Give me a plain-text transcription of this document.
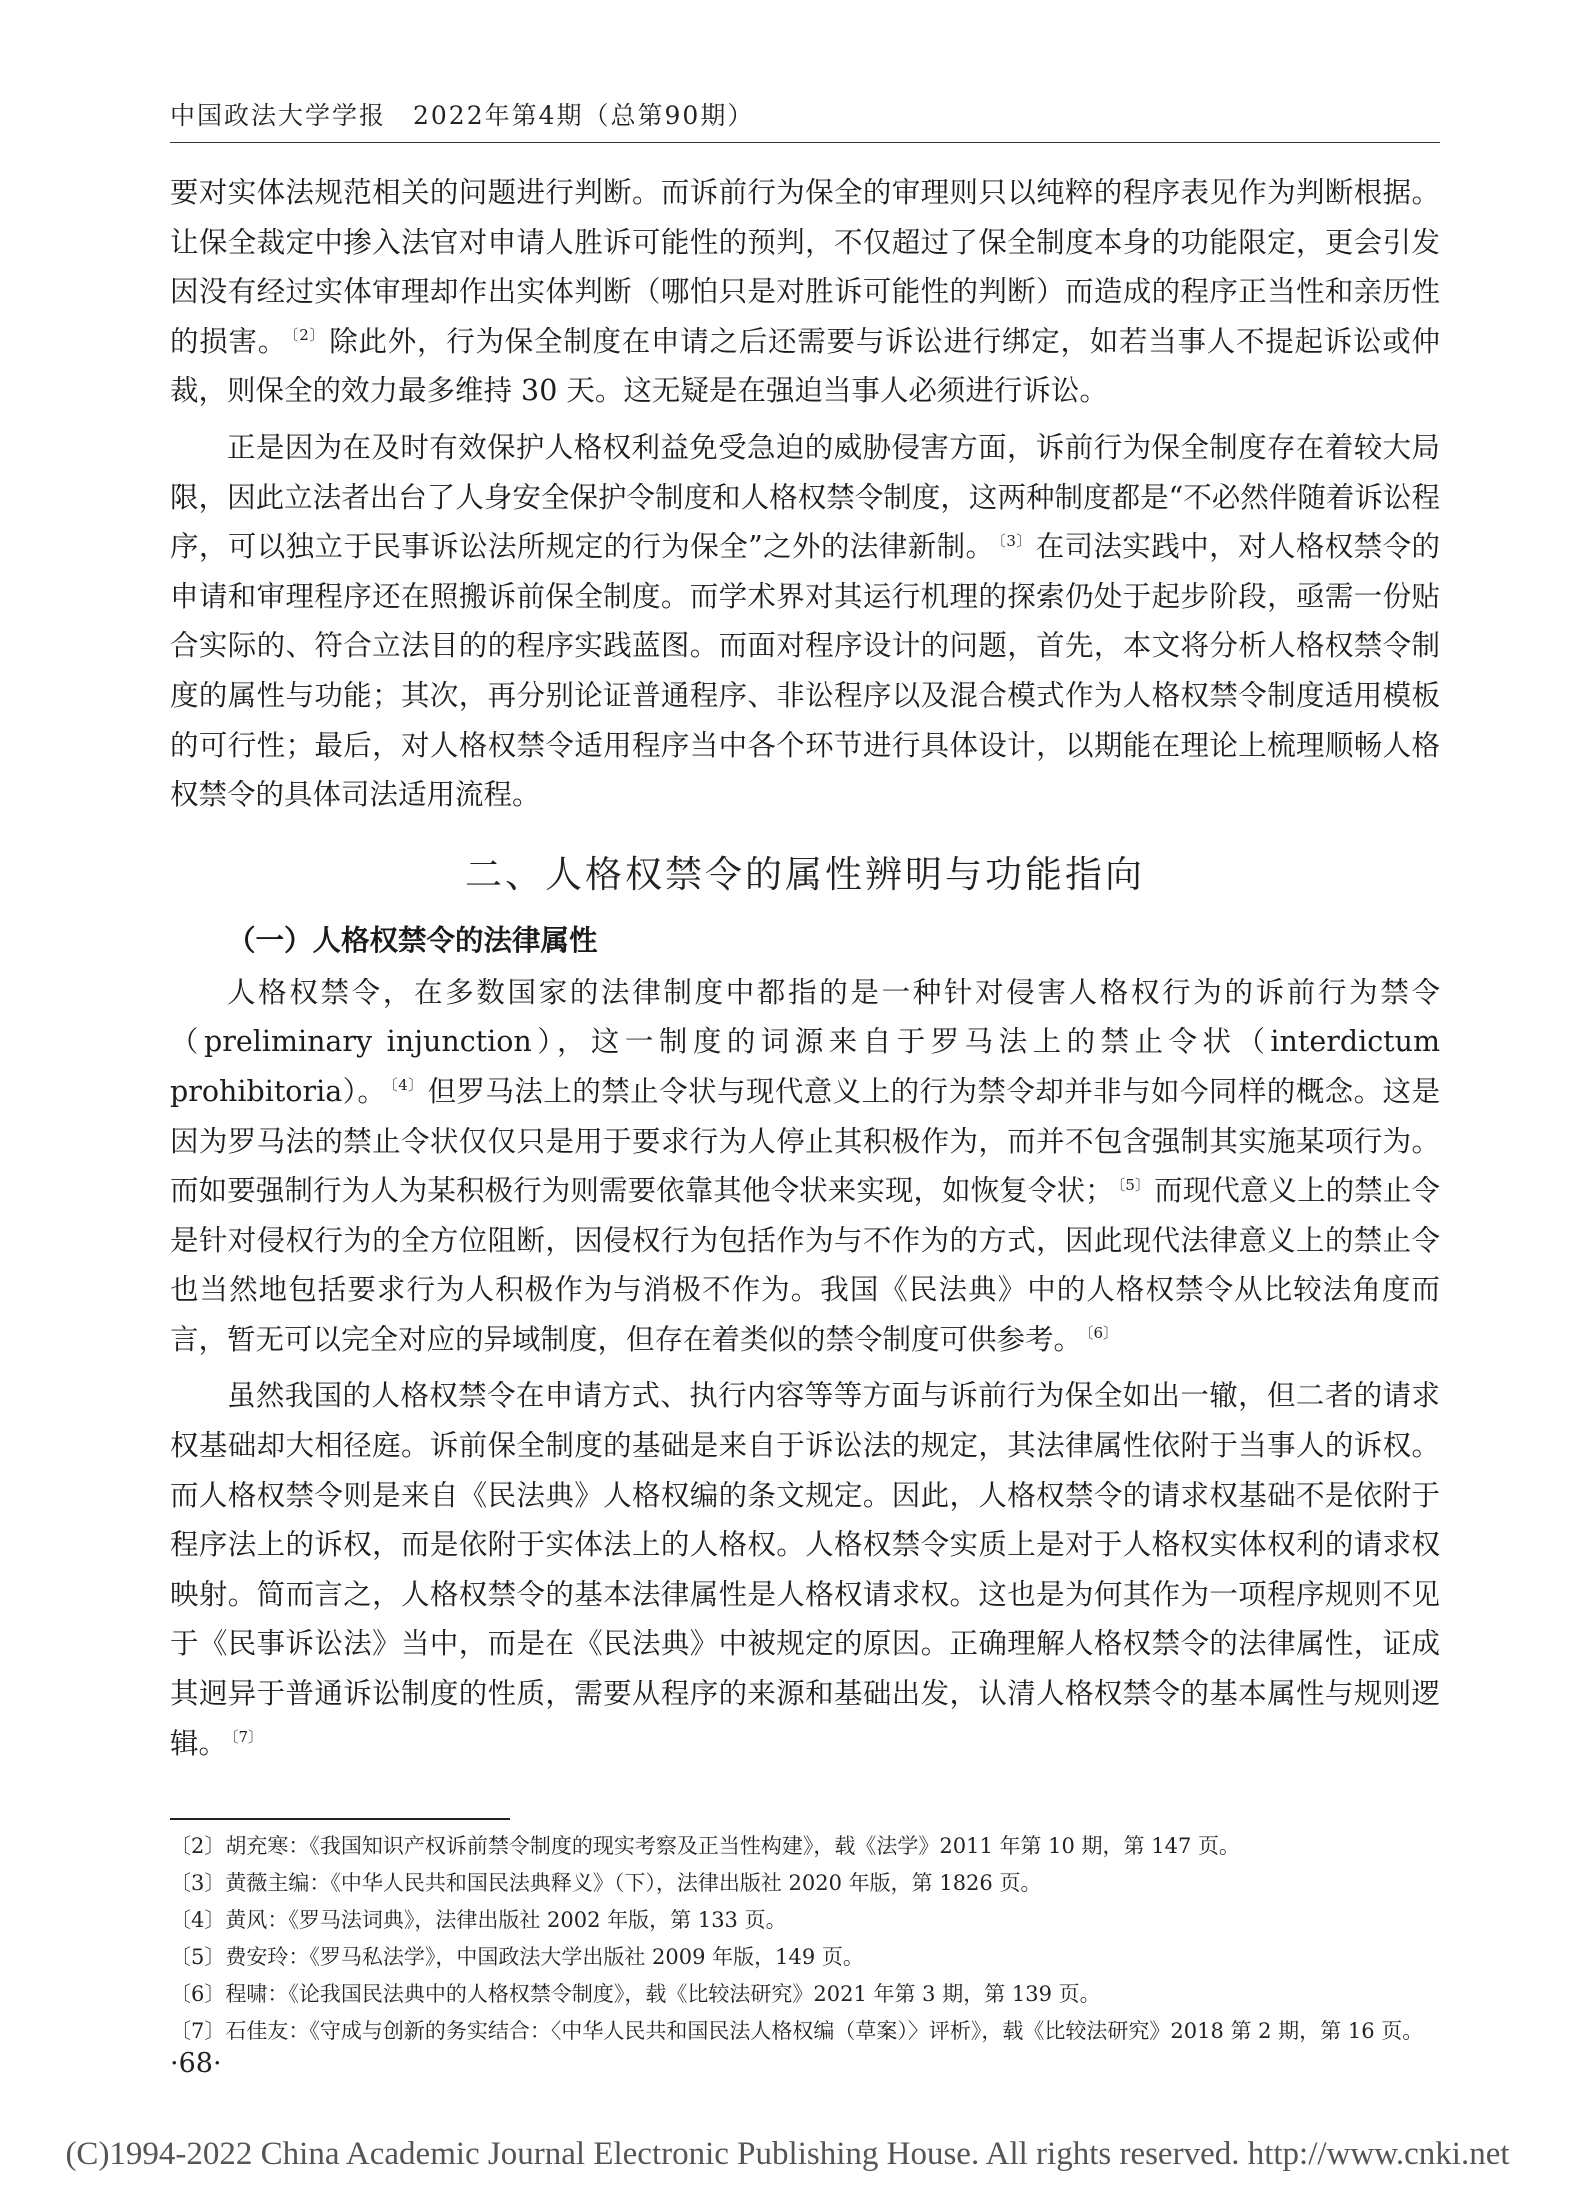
中国政法大学学报　2022年第4期（总第90期）

要对实体法规范相关的问题进行判断。而诉前行为保全的审理则只以纯粹的程序表见作为判断根据。让保全裁定中掺入法官对申请人胜诉可能性的预判，不仅超过了保全制度本身的功能限定，更会引发因没有经过实体审理却作出实体判断（哪怕只是对胜诉可能性的判断）而造成的程序正当性和亲历性的损害。 $^{〔2〕}$ 除此外，行为保全制度在申请之后还需要与诉讼进行绑定，如若当事人不提起诉讼或仲裁，则保全的效力最多维持 30 天。这无疑是在强迫当事人必须进行诉讼。

正是因为在及时有效保护人格权利益免受急迫的威胁侵害方面，诉前行为保全制度存在着较大局限，因此立法者出台了人身安全保护令制度和人格权禁令制度，这两种制度都是“不必然伴随着诉讼程序，可以独立于民事诉讼法所规定的行为保全”之外的法律新制。 $^{〔3〕}$ 在司法实践中，对人格权禁令的申请和审理程序还在照搬诉前保全制度。而学术界对其运行机理的探索仍处于起步阶段，亟需一份贴合实际的、符合立法目的的程序实践蓝图。而面对程序设计的问题，首先，本文将分析人格权禁令制度的属性与功能；其次，再分别论证普通程序、非讼程序以及混合模式作为人格权禁令制度适用模板的可行性；最后，对人格权禁令适用程序当中各个环节进行具体设计，以期能在理论上梳理顺畅人格权禁令的具体司法适用流程。

二、人格权禁令的属性辨明与功能指向
（一）人格权禁令的法律属性

人格权禁令，在多数国家的法律制度中都指的是一种针对侵害人格权行为的诉前行为禁令（preliminary injunction），这一制度的词源来自于罗马法上的禁止令状（interdictum prohibitoria）。 $^{〔4〕}$ 但罗马法上的禁止令状与现代意义上的行为禁令却并非与如今同样的概念。这是因为罗马法的禁止令状仅仅只是用于要求行为人停止其积极作为，而并不包含强制其实施某项行为。而如要强制行为人为某积极行为则需要依靠其他令状来实现，如恢复令状； $^{〔5〕}$ 而现代意义上的禁止令是针对侵权行为的全方位阻断，因侵权行为包括作为与不作为的方式，因此现代法律意义上的禁止令也当然地包括要求行为人积极作为与消极不作为。我国《民法典》中的人格权禁令从比较法角度而言，暂无可以完全对应的异域制度，但存在着类似的禁令制度可供参考。 $^{〔6〕}$

虽然我国的人格权禁令在申请方式、执行内容等等方面与诉前行为保全如出一辙，但二者的请求权基础却大相径庭。诉前保全制度的基础是来自于诉讼法的规定，其法律属性依附于当事人的诉权。而人格权禁令则是来自《民法典》人格权编的条文规定。因此，人格权禁令的请求权基础不是依附于程序法上的诉权，而是依附于实体法上的人格权。人格权禁令实质上是对于人格权实体权利的请求权映射。简而言之，人格权禁令的基本法律属性是人格权请求权。这也是为何其作为一项程序规则不见于《民事诉讼法》当中，而是在《民法典》中被规定的原因。正确理解人格权禁令的法律属性，证成其迥异于普通诉讼制度的性质，需要从程序的来源和基础出发，认清人格权禁令的基本属性与规则逻辑。 $^{〔7〕}$

〔2〕胡充寒：《我国知识产权诉前禁令制度的现实考察及正当性构建》，载《法学》2011 年第 10 期，第 147 页。

〔3〕黄薇主编：《中华人民共和国民法典释义》（下），法律出版社 2020 年版，第 1826 页。

〔4〕黄风：《罗马法词典》，法律出版社 2002 年版，第 133 页。

〔5〕费安玲：《罗马私法学》，中国政法大学出版社 2009 年版，149 页。

〔6〕程啸：《论我国民法典中的人格权禁令制度》，载《比较法研究》2021 年第 3 期，第 139 页。

〔7〕石佳友：《守成与创新的务实结合：〈中华人民共和国民法人格权编（草案）〉评析》，载《比较法研究》2018 第 2 期，第 16 页。

·68·
(C)1994-2022 China Academic Journal Electronic Publishing House. All rights reserved. http://www.cnki.net
